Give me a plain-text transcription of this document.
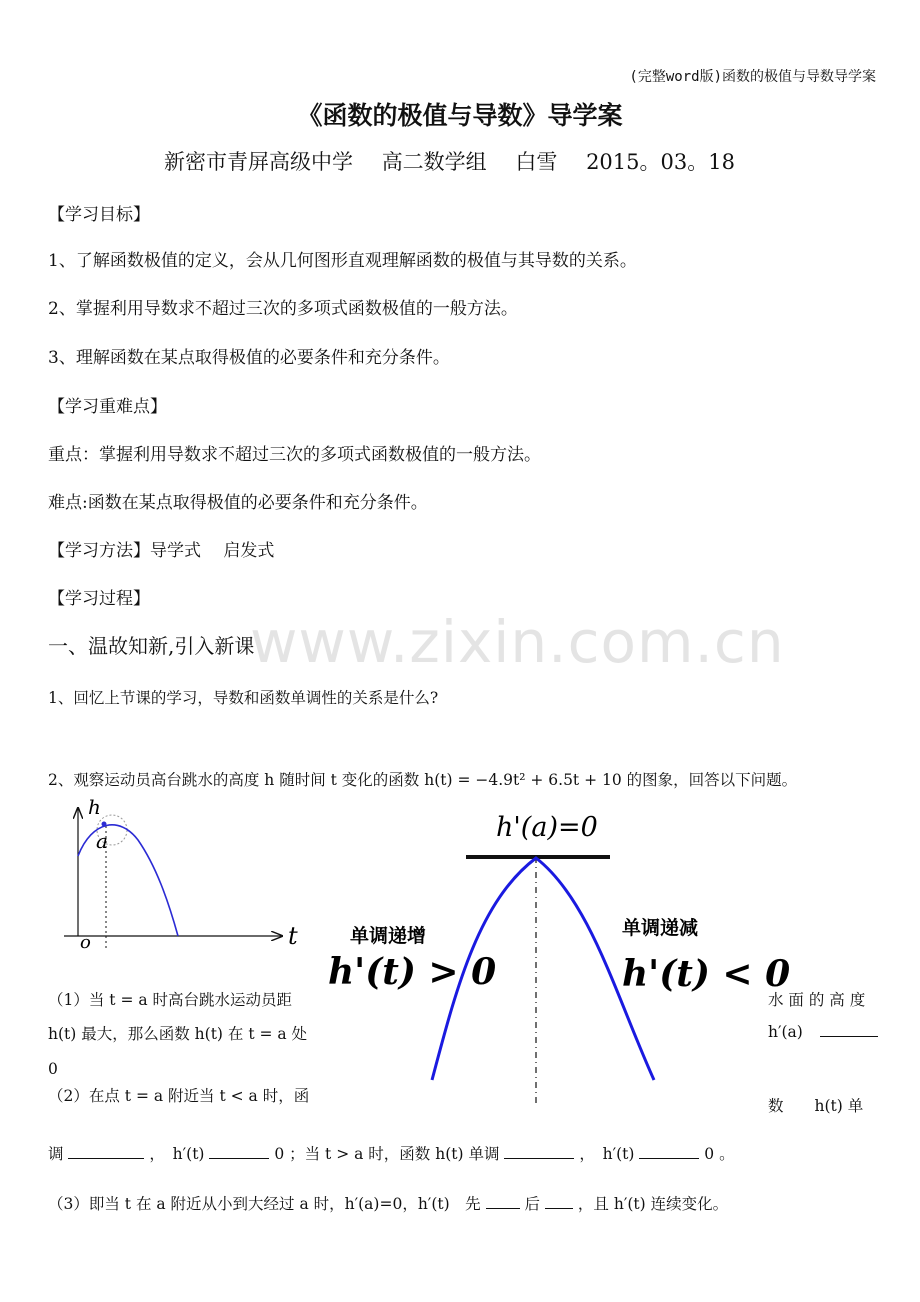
(完整word版)函数的极值与导数导学案
《函数的极值与导数》导学案
新密市青屏高级中学 高二数学组 白雪 2015。03。18
【学习目标】
1、了解函数极值的定义，会从几何图形直观理解函数的极值与其导数的关系。
2、掌握利用导数求不超过三次的多项式函数极值的一般方法。
3、理解函数在某点取得极值的必要条件和充分条件。
【学习重难点】
重点：掌握利用导数求不超过三次的多项式函数极值的一般方法。
难点:函数在某点取得极值的必要条件和充分条件。
【学习方法】导学式　 启发式
【学习过程】
www.zixin.com.cn
一、温故知新,引入新课
1、回忆上节课的学习，导数和函数单调性的关系是什么?
2、观察运动员高台跳水的高度 h 随时间 t 变化的函数 h(t) = −4.9t² + 6.5t + 10 的图象，回答以下问题。
h
a
o	t
h'(a)=0
单调递增
h'(t) > 0
单调递减
h'(t) < 0
（1）当 t = a 时高台跳水运动员距
h(t) 最大，那么函数 h(t) 在 t = a 处
0
水 面 的 高 度
h′(a)
（2）在点 t = a 附近当 t < a 时，函
数　　h(t) 单
调	，　h′(t)	0 ；当 t > a 时，函数 h(t) 单调	，　h′(t)	0 。
（3）即当 t 在 a 附近从小到大经过 a 时，h′(a)=0，h′(t)　先	后 ，且 h′(t) 连续变化。
